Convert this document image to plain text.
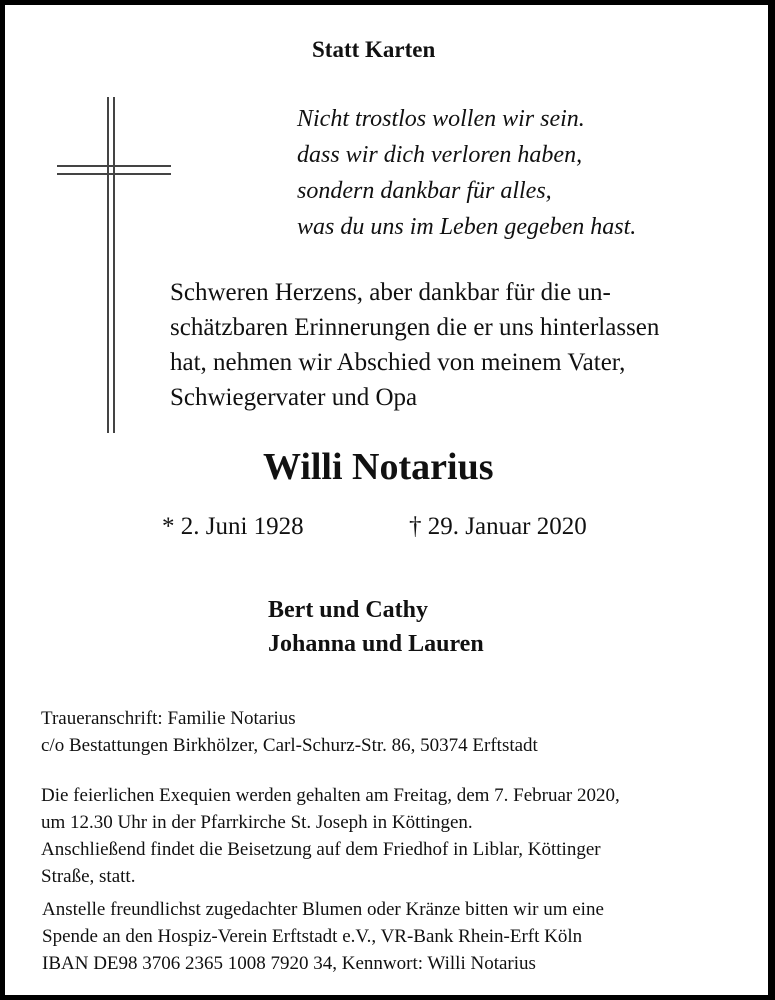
Statt Karten
Nicht trostlos wollen wir sein.
dass wir dich verloren haben,
sondern dankbar für alles,
was du uns im Leben gegeben hast.
Schweren Herzens, aber dankbar für die un-
schätzbaren Erinnerungen die er uns hinterlassen
hat, nehmen wir Abschied von meinem Vater,
Schwiegervater und Opa
Willi Notarius
* 2. Juni 1928	† 29. Januar 2020
Bert und Cathy
Johanna und Lauren
Traueranschrift: Familie Notarius
c/o Bestattungen Birkhölzer, Carl-Schurz-Str. 86, 50374 Erftstadt
Die feierlichen Exequien werden gehalten am Freitag, dem 7. Februar 2020,
um 12.30 Uhr in der Pfarrkirche St. Joseph in Köttingen.
Anschließend findet die Beisetzung auf dem Friedhof in Liblar, Köttinger
Straße, statt.
Anstelle freundlichst zugedachter Blumen oder Kränze bitten wir um eine
Spende an den Hospiz-Verein Erftstadt e.V., VR-Bank Rhein-Erft Köln
IBAN DE98 3706 2365 1008 7920 34, Kennwort: Willi Notarius
